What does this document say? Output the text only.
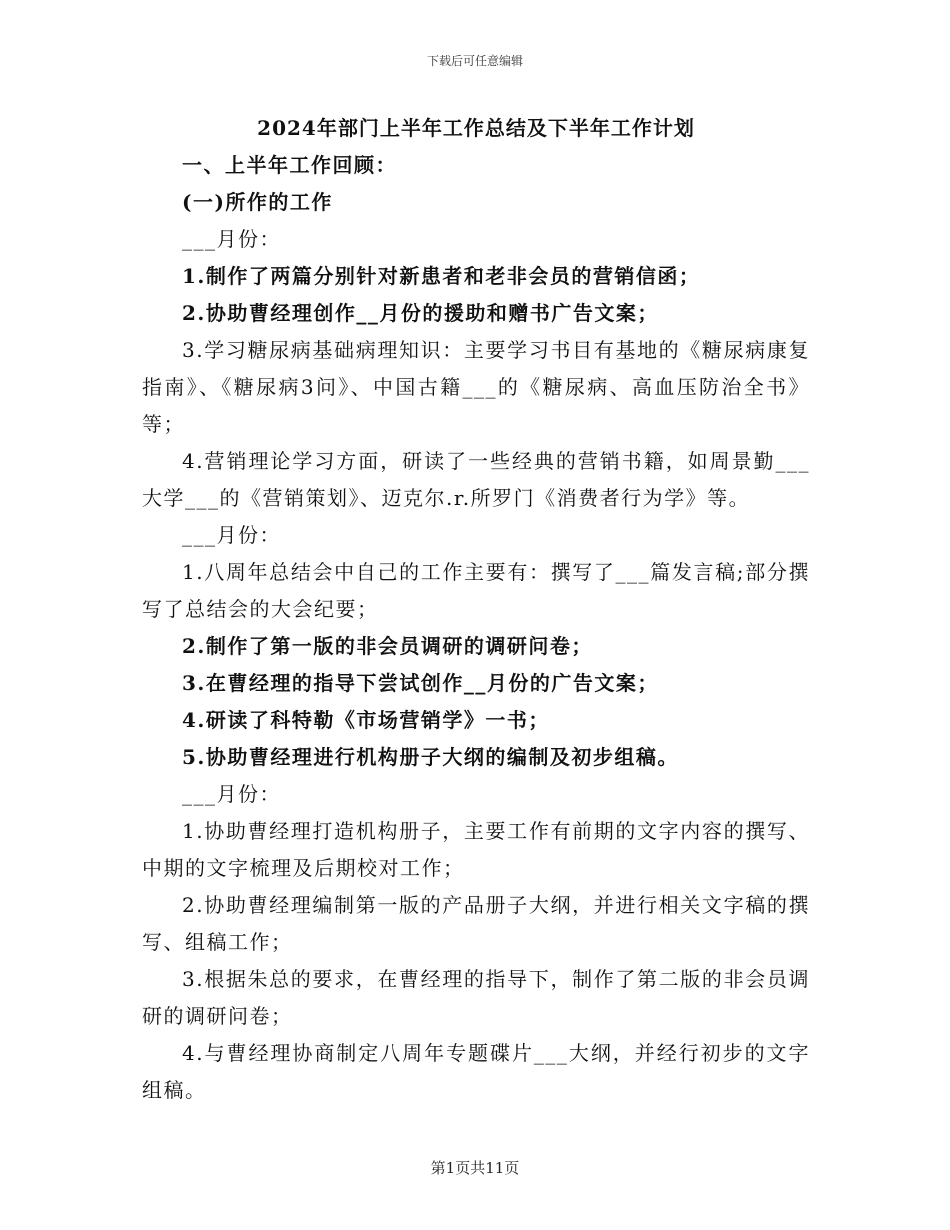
下载后可任意编辑
2024年部门上半年工作总结及下半年工作计划

一、上半年工作回顾：

(一)所作的工作

___月份：

1.制作了两篇分别针对新患者和老非会员的营销信函；

2.协助曹经理创作__月份的援助和赠书广告文案；

3.学习糖尿病基础病理知识：主要学习书目有基地的《糖尿病康复指南》、《糖尿病3问》、中国古籍___的《糖尿病、高血压防治全书》等；

4.营销理论学习方面，研读了一些经典的营销书籍，如周景勤___大学___的《营销策划》、迈克尔.r.所罗门《消费者行为学》等。

___月份：

1.八周年总结会中自己的工作主要有：撰写了___篇发言稿;部分撰写了总结会的大会纪要；

2.制作了第一版的非会员调研的调研问卷；

3.在曹经理的指导下尝试创作__月份的广告文案；

4.研读了科特勒《市场营销学》一书；

5.协助曹经理进行机构册子大纲的编制及初步组稿。

___月份：

1.协助曹经理打造机构册子，主要工作有前期的文字内容的撰写、中期的文字梳理及后期校对工作；

2.协助曹经理编制第一版的产品册子大纲，并进行相关文字稿的撰写、组稿工作；

3.根据朱总的要求，在曹经理的指导下，制作了第二版的非会员调研的调研问卷；

4.与曹经理协商制定八周年专题碟片___大纲，并经行初步的文字组稿。

第1页共11页
